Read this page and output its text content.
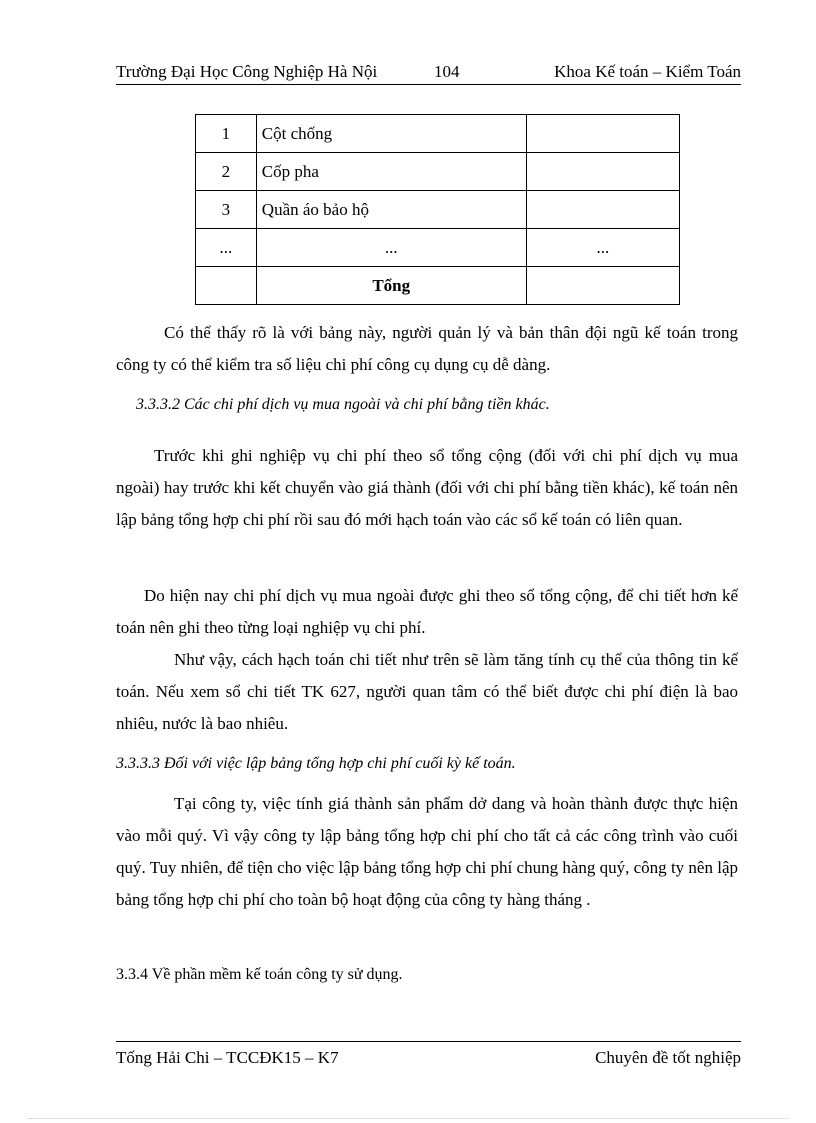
Trường Đại Học Công Nghiệp Hà Nội	104	Khoa Kế toán – Kiểm Toán
1	Cột chống	
2	Cốp pha	
3	Quần áo bảo hộ	
...	...	...
	Tổng	

Có thể thấy rõ là với bảng này, người quản lý và bản thân đội ngũ kế toán trong công ty có thể kiểm tra số liệu chi phí công cụ dụng cụ dễ dàng.

3.3.3.2 Các chi phí dịch vụ mua ngoài và chi phí bằng tiền khác.

Trước khi ghi nghiệp vụ chi phí theo sổ tổng cộng (đối với chi phí dịch vụ mua ngoài) hay trước khi kết chuyển vào giá thành (đối với chi phí bằng tiền khác), kế toán nên lập bảng tổng hợp chi phí rồi sau đó mới hạch toán vào các sổ kế toán có liên quan.

Do hiện nay chi phí dịch vụ mua ngoài được ghi theo sổ tổng cộng, để chi tiết hơn kế toán nên ghi theo từng loại nghiệp vụ chi phí.

Như vậy, cách hạch toán chi tiết như trên sẽ làm tăng tính cụ thể của thông tin kế toán. Nếu xem sổ chi tiết TK 627, người quan tâm có thể biết được chi phí điện là bao nhiêu, nước là bao nhiêu.

3.3.3.3 Đối với việc lập bảng tổng hợp chi phí cuối kỳ kế toán.

Tại công ty, việc tính giá thành sản phẩm dở dang và hoàn thành được thực hiện vào mỗi quý. Vì vậy công ty lập bảng tổng hợp chi phí cho tất cả các công trình vào cuối quý. Tuy nhiên, để tiện cho việc lập bảng tổng hợp chi phí chung hàng quý, công ty nên lập bảng tổng hợp chi phí cho toàn bộ hoạt động của công ty hàng tháng .

3.3.4 Về phần mềm kế toán công ty sử dụng.

Tống Hải Chi – TCCĐK15 – K7	Chuyên đề tốt nghiệp
